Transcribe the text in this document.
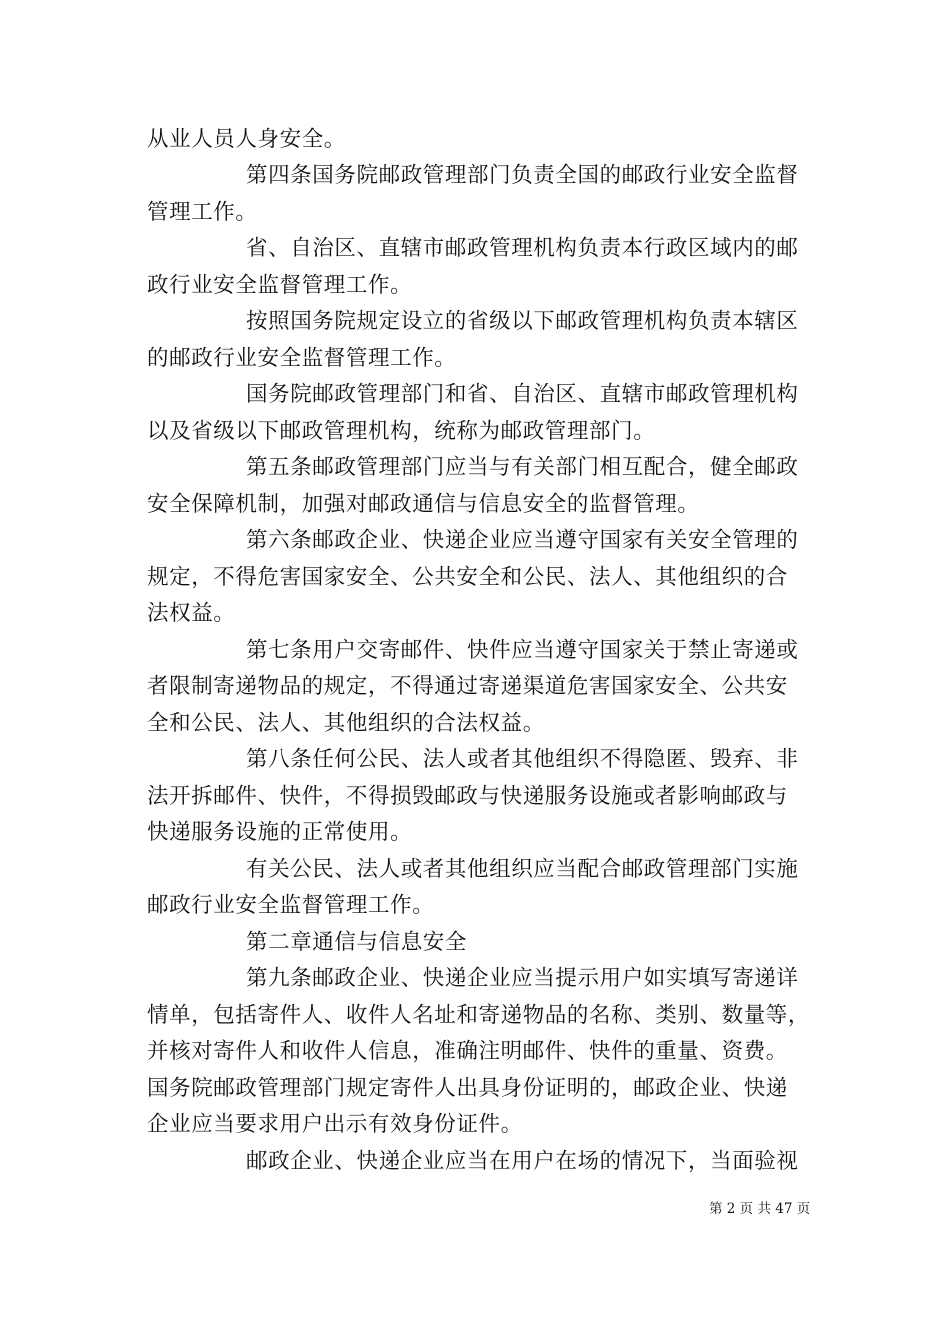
从业人员人身安全。
第四条国务院邮政管理部门负责全国的邮政行业安全监督
管理工作。
省、自治区、直辖市邮政管理机构负责本行政区域内的邮
政行业安全监督管理工作。
按照国务院规定设立的省级以下邮政管理机构负责本辖区
的邮政行业安全监督管理工作。
国务院邮政管理部门和省、自治区、直辖市邮政管理机构
以及省级以下邮政管理机构，统称为邮政管理部门。
第五条邮政管理部门应当与有关部门相互配合，健全邮政
安全保障机制，加强对邮政通信与信息安全的监督管理。
第六条邮政企业、快递企业应当遵守国家有关安全管理的
规定，不得危害国家安全、公共安全和公民、法人、其他组织的合
法权益。
第七条用户交寄邮件、快件应当遵守国家关于禁止寄递或
者限制寄递物品的规定，不得通过寄递渠道危害国家安全、公共安
全和公民、法人、其他组织的合法权益。
第八条任何公民、法人或者其他组织不得隐匿、毁弃、非
法开拆邮件、快件，不得损毁邮政与快递服务设施或者影响邮政与
快递服务设施的正常使用。
有关公民、法人或者其他组织应当配合邮政管理部门实施
邮政行业安全监督管理工作。
第二章通信与信息安全
第九条邮政企业、快递企业应当提示用户如实填写寄递详
情单，包括寄件人、收件人名址和寄递物品的名称、类别、数量等，
并核对寄件人和收件人信息，准确注明邮件、快件的重量、资费。
国务院邮政管理部门规定寄件人出具身份证明的，邮政企业、快递
企业应当要求用户出示有效身份证件。
邮政企业、快递企业应当在用户在场的情况下，当面验视
第 2 页 共 47 页
